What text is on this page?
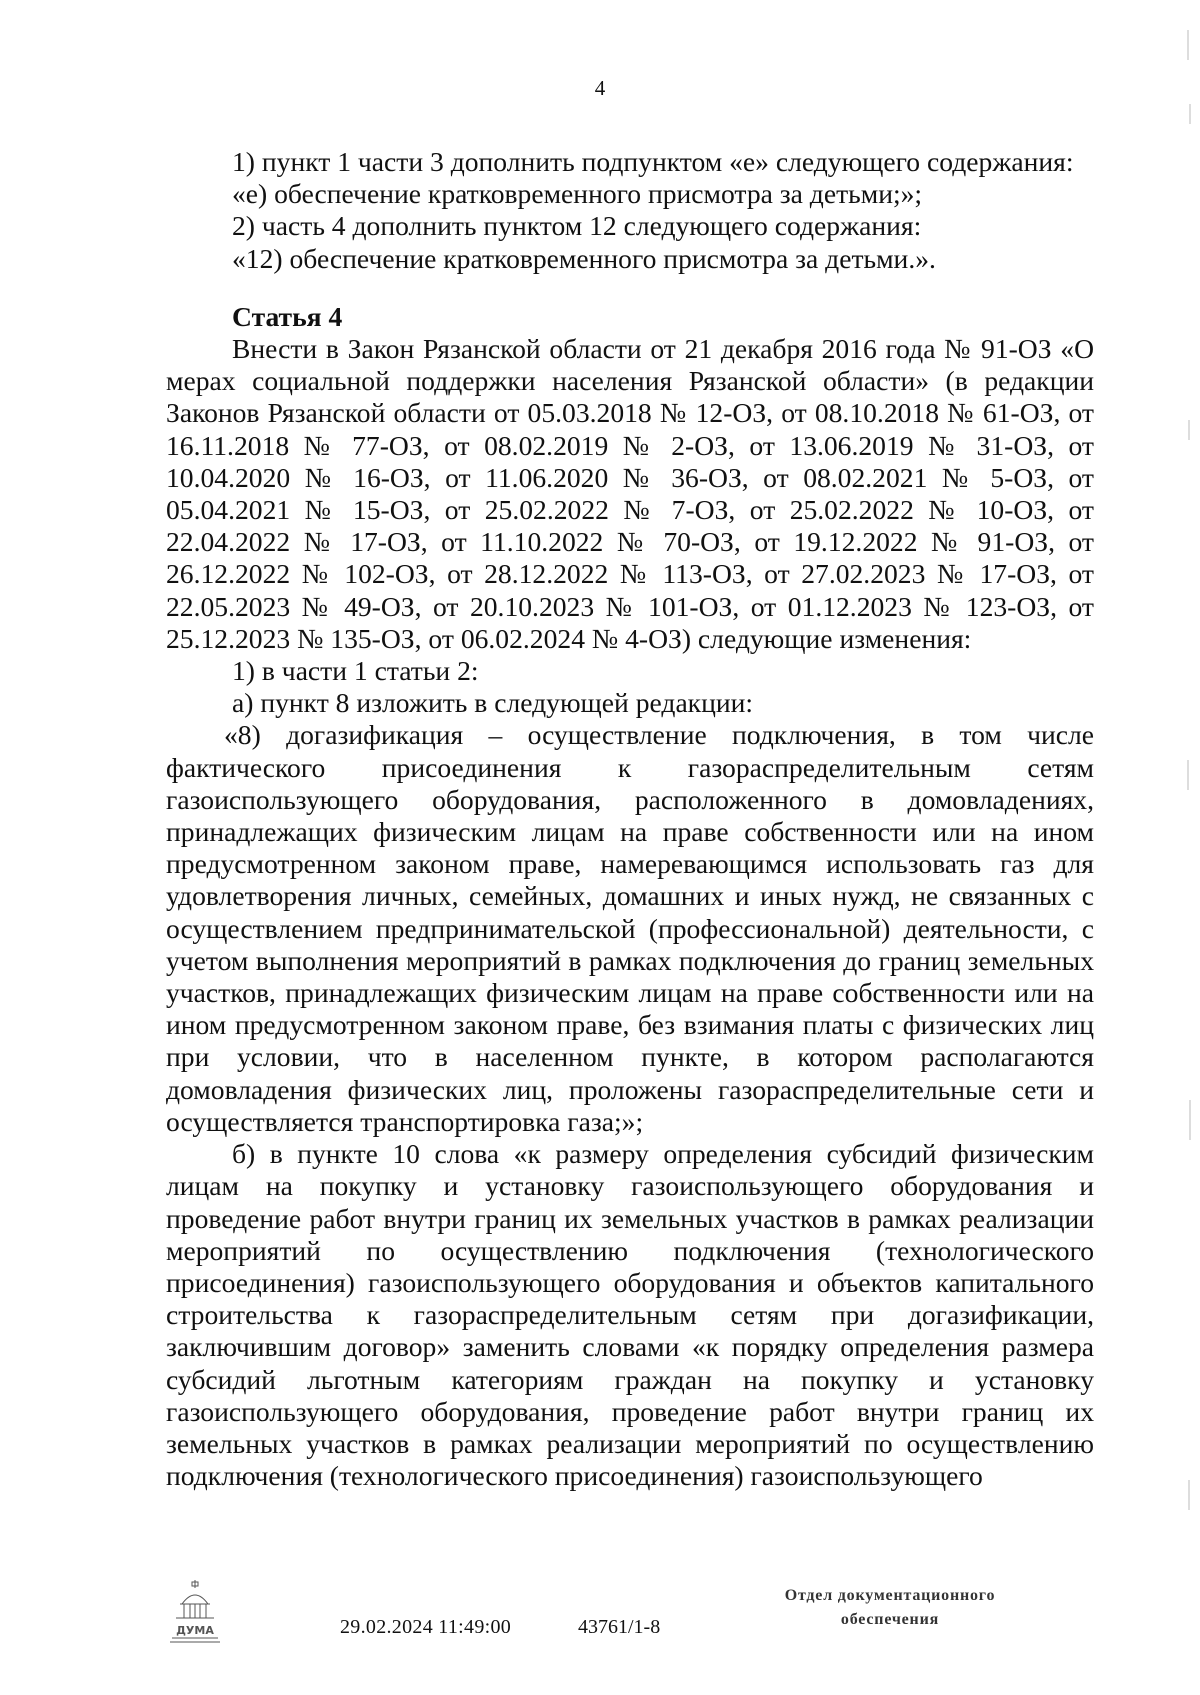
4

1) пункт 1 части 3 дополнить подпунктом «е» следующего содержания:

«е) обеспечение кратковременного присмотра за детьми;»;

2) часть 4 дополнить пунктом 12 следующего содержания:

«12) обеспечение кратковременного присмотра за детьми.».

Статья 4

Внести в Закон Рязанской области от 21 декабря 2016 года № 91-ОЗ «О мерах социальной поддержки населения Рязанской области» (в редакции Законов Рязанской области от 05.03.2018 № 12-ОЗ, от 08.10.2018 № 61-ОЗ, от 16.11.2018 № 77-ОЗ, от 08.02.2019 № 2-ОЗ, от 13.06.2019 № 31-ОЗ, от 10.04.2020 № 16-ОЗ, от 11.06.2020 № 36-ОЗ, от 08.02.2021 № 5-ОЗ, от 05.04.2021 № 15-ОЗ, от 25.02.2022 № 7-ОЗ, от 25.02.2022 № 10-ОЗ, от 22.04.2022 № 17-ОЗ, от 11.10.2022 № 70-ОЗ, от 19.12.2022 № 91-ОЗ, от 26.12.2022 № 102-ОЗ, от 28.12.2022 № 113-ОЗ, от 27.02.2023 № 17-ОЗ, от 22.05.2023 № 49-ОЗ, от 20.10.2023 № 101-ОЗ, от 01.12.2023 № 123-ОЗ, от 25.12.2023 № 135-ОЗ, от 06.02.2024 № 4-ОЗ) следующие изменения:

1) в части 1 статьи 2:

а) пункт 8 изложить в следующей редакции:

«8) догазификация – осуществление подключения, в том числе фактического присоединения к газораспределительным сетям газоиспользующего оборудования, расположенного в домовладениях, принадлежащих физическим лицам на праве собственности или на ином предусмотренном законом праве, намеревающимся использовать газ для удовлетворения личных, семейных, домашних и иных нужд, не связанных с осуществлением предпринимательской (профессиональной) деятельности, с учетом выполнения мероприятий в рамках подключения до границ земельных участков, принадлежащих физическим лицам на праве собственности или на ином предусмотренном законом праве, без взимания платы с физических лиц при условии, что в населенном пункте, в котором располагаются домовладения физических лиц, проложены газораспределительные сети и осуществляется транспортировка газа;»;

б) в пункте 10 слова «к размеру определения субсидий физическим лицам на покупку и установку газоиспользующего оборудования и проведение работ внутри границ их земельных участков в рамках реализации мероприятий по осуществлению подключения (технологического присоединения) газоиспользующего оборудования и объектов капитального строительства к газораспределительным сетям при догазификации, заключившим договор» заменить словами «к порядку определения размера субсидий льготным категориям граждан на покупку и установку газоиспользующего оборудования, проведение работ внутри границ их земельных участков в рамках реализации мероприятий по осуществлению подключения (технологического присоединения) газоиспользующего

ДУМА	29.02.2024 11:49:00	43761/1-8
Отдел документационного обеспечения
